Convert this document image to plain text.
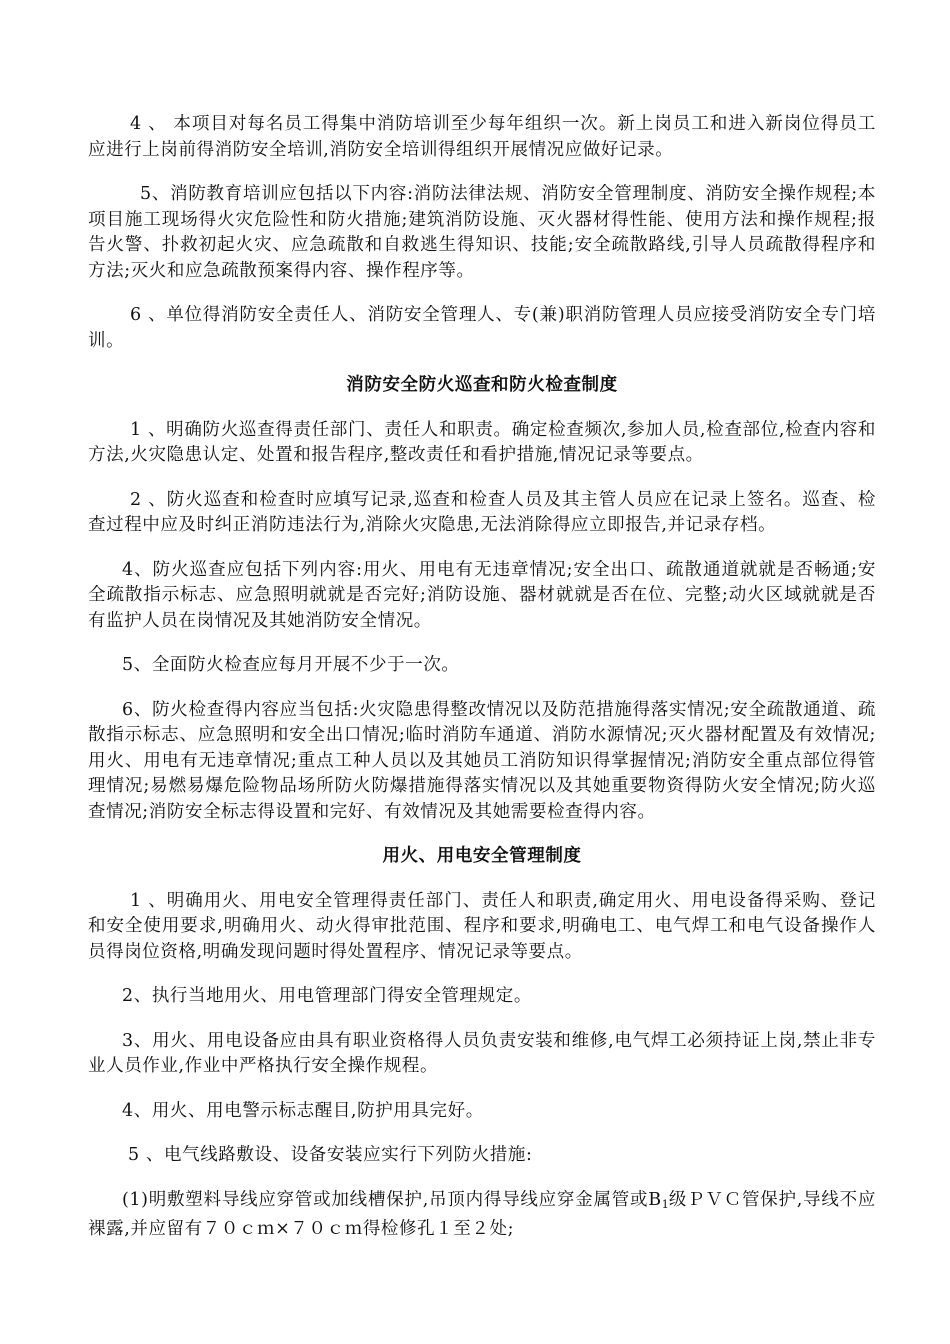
4 、 本项目对每名员工得集中消防培训至少每年组织一次。新上岗员工和进入新岗位得员工应进行上岗前得消防安全培训,消防安全培训得组织开展情况应做好记录。

5、消防教育培训应包括以下内容:消防法律法规、消防安全管理制度、消防安全操作规程;本项目施工现场得火灾危险性和防火措施;建筑消防设施、灭火器材得性能、使用方法和操作规程;报告火警、扑救初起火灾、应急疏散和自救逃生得知识、技能;安全疏散路线,引导人员疏散得程序和方法;灭火和应急疏散预案得内容、操作程序等。

6 、单位得消防安全责任人、消防安全管理人、专(兼)职消防管理人员应接受消防安全专门培训。

消防安全防火巡查和防火检查制度

1 、明确防火巡查得责任部门、责任人和职责。确定检查频次,参加人员,检查部位,检查内容和方法,火灾隐患认定、处置和报告程序,整改责任和看护措施,情况记录等要点。

2 、防火巡查和检查时应填写记录,巡查和检查人员及其主管人员应在记录上签名。巡查、检查过程中应及时纠正消防违法行为,消除火灾隐患,无法消除得应立即报告,并记录存档。

4、防火巡查应包括下列内容:用火、用电有无违章情况;安全出口、疏散通道就就是否畅通;安全疏散指示标志、应急照明就就是否完好;消防设施、器材就就是否在位、完整;动火区域就就是否有监护人员在岗情况及其她消防安全情况。

5、全面防火检查应每月开展不少于一次。

6、防火检查得内容应当包括:火灾隐患得整改情况以及防范措施得落实情况;安全疏散通道、疏散指示标志、应急照明和安全出口情况;临时消防车通道、消防水源情况;灭火器材配置及有效情况;用火、用电有无违章情况;重点工种人员以及其她员工消防知识得掌握情况;消防安全重点部位得管理情况;易燃易爆危险物品场所防火防爆措施得落实情况以及其她重要物资得防火安全情况;防火巡查情况;消防安全标志得设置和完好、有效情况及其她需要检查得内容。

用火、用电安全管理制度

1 、明确用火、用电安全管理得责任部门、责任人和职责,确定用火、用电设备得采购、登记和安全使用要求,明确用火、动火得审批范围、程序和要求,明确电工、电气焊工和电气设备操作人员得岗位资格,明确发现问题时得处置程序、情况记录等要点。

2、执行当地用火、用电管理部门得安全管理规定。

3、用火、用电设备应由具有职业资格得人员负责安装和维修,电气焊工必须持证上岗,禁止非专业人员作业,作业中严格执行安全操作规程。

4、用火、用电警示标志醒目,防护用具完好。

5 、电气线路敷设、设备安装应实行下列防火措施:

(1)明敷塑料导线应穿管或加线槽保护,吊顶内得导线应穿金属管或$B_1$级ＰＶＣ管保护,导线不应裸露,并应留有７０ｃｍ×７０ｃｍ得检修孔１至２处;
